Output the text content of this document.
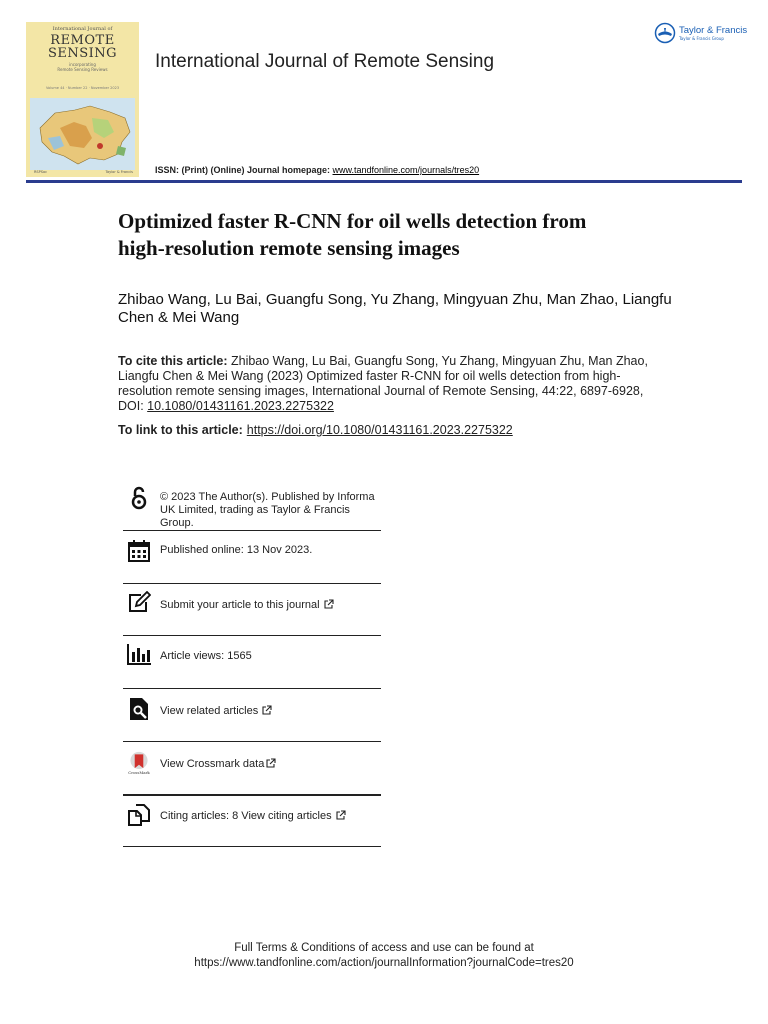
International Journal of
REMOTE
SENSING
incorporating
Remote Sensing Reviews
Volume 44 · Number 22 · November 2023
RSPSoc	Taylor & Francis
International Journal of Remote Sensing
ISSN: (Print) (Online) Journal homepage: www.tandfonline.com/journals/tres20
Taylor & Francis
Taylor & Francis Group
Optimized faster R-CNN for oil wells detection from
high-resolution remote sensing images
Zhibao Wang, Lu Bai, Guangfu Song, Yu Zhang, Mingyuan Zhu, Man Zhao, Liangfu Chen & Mei Wang
To cite this article: Zhibao Wang, Lu Bai, Guangfu Song, Yu Zhang, Mingyuan Zhu, Man Zhao, Liangfu Chen & Mei Wang (2023) Optimized faster R-CNN for oil wells detection from high-resolution remote sensing images, International Journal of Remote Sensing, 44:22, 6897-6928, DOI: 10.1080/01431161.2023.2275322
To link to this article: https://doi.org/10.1080/01431161.2023.2275322
© 2023 The Author(s). Published by Informa UK Limited, trading as Taylor & Francis Group.
Published online: 13 Nov 2023.
Submit your article to this journal
Article views: 1565
View related articles
CrossMark
View Crossmark data
Citing articles: 8 View citing articles
Full Terms & Conditions of access and use can be found at
https://www.tandfonline.com/action/journalInformation?journalCode=tres20
